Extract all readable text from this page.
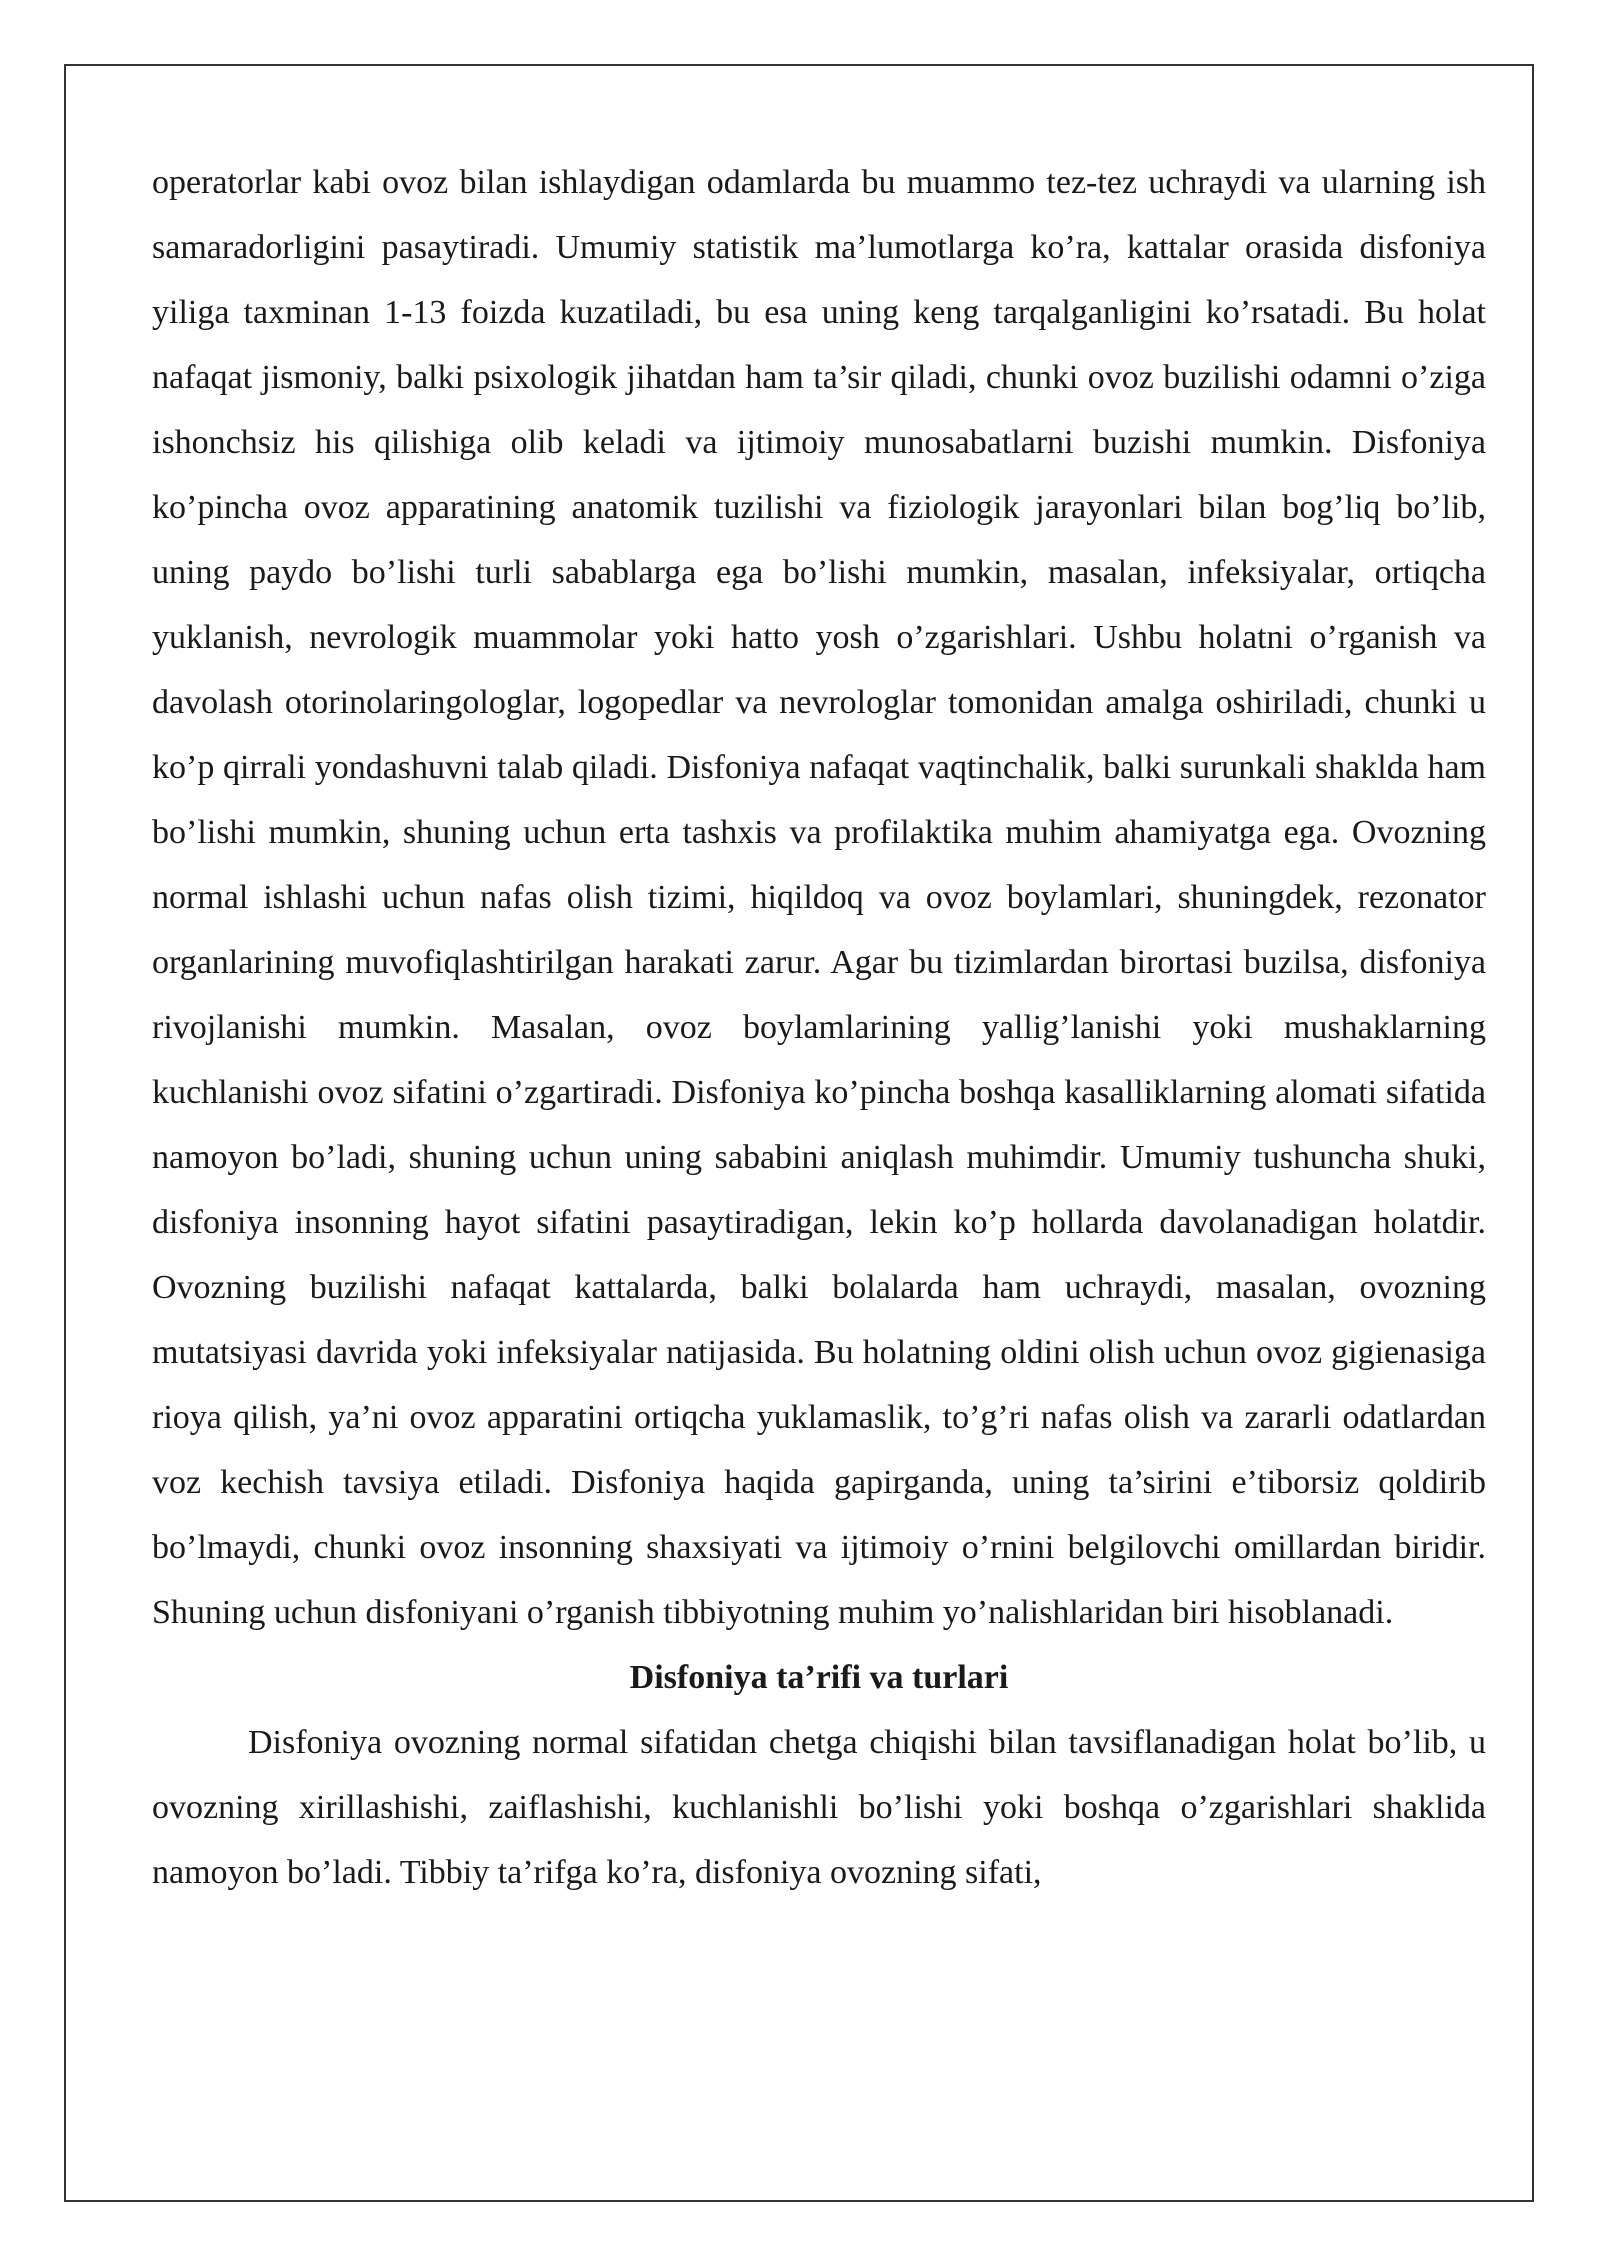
operatorlar kabi ovoz bilan ishlaydigan odamlarda bu muammo tez-tez uchraydi va ularning ish samaradorligini pasaytiradi. Umumiy statistik ma’lumotlarga ko’ra, kattalar orasida disfoniya yiliga taxminan 1-13 foizda kuzatiladi, bu esa uning keng tarqalganligini ko’rsatadi. Bu holat nafaqat jismoniy, balki psixologik jihatdan ham ta’sir qiladi, chunki ovoz buzilishi odamni o’ziga ishonchsiz his qilishiga olib keladi va ijtimoiy munosabatlarni buzishi mumkin. Disfoniya ko’pincha ovoz apparatining anatomik tuzilishi va fiziologik jarayonlari bilan bog’liq bo’lib, uning paydo bo’lishi turli sabablarga ega bo’lishi mumkin, masalan, infeksiyalar, ortiqcha yuklanish, nevrologik muammolar yoki hatto yosh o’zgarishlari. Ushbu holatni o’rganish va davolash otorinolaringologlar, logopedlar va nevrologlar tomonidan amalga oshiriladi, chunki u ko’p qirrali yondashuvni talab qiladi. Disfoniya nafaqat vaqtinchalik, balki surunkali shaklda ham bo’lishi mumkin, shuning uchun erta tashxis va profilaktika muhim ahamiyatga ega. Ovozning normal ishlashi uchun nafas olish tizimi, hiqildoq va ovoz boylamlari, shuningdek, rezonator organlarining muvofiqlashtirilgan harakati zarur. Agar bu tizimlardan birortasi buzilsa, disfoniya rivojlanishi mumkin. Masalan, ovoz boylamlarining yallig’lanishi yoki mushaklarning kuchlanishi ovoz sifatini o’zgartiradi. Disfoniya ko’pincha boshqa kasalliklarning alomati sifatida namoyon bo’ladi, shuning uchun uning sababini aniqlash muhimdir. Umumiy tushuncha shuki, disfoniya insonning hayot sifatini pasaytiradigan, lekin ko’p hollarda davolanadigan holatdir. Ovozning buzilishi nafaqat kattalarda, balki bolalarda ham uchraydi, masalan, ovozning mutatsiyasi davrida yoki infeksiyalar natijasida. Bu holatning oldini olish uchun ovoz gigienasiga rioya qilish, ya’ni ovoz apparatini ortiqcha yuklamaslik, to’g’ri nafas olish va zararli odatlardan voz kechish tavsiya etiladi. Disfoniya haqida gapirganda, uning ta’sirini e’tiborsiz qoldirib bo’lmaydi, chunki ovoz insonning shaxsiyati va ijtimoiy o’rnini belgilovchi omillardan biridir. Shuning uchun disfoniyani o’rganish tibbiyotning muhim yo’nalishlaridan biri hisoblanadi.

Disfoniya ta’rifi va turlari

Disfoniya ovozning normal sifatidan chetga chiqishi bilan tavsiflanadigan holat bo’lib, u ovozning xirillashishi, zaiflashishi, kuchlanishli bo’lishi yoki boshqa o’zgarishlari shaklida namoyon bo’ladi. Tibbiy ta’rifga ko’ra, disfoniya ovozning sifati,
